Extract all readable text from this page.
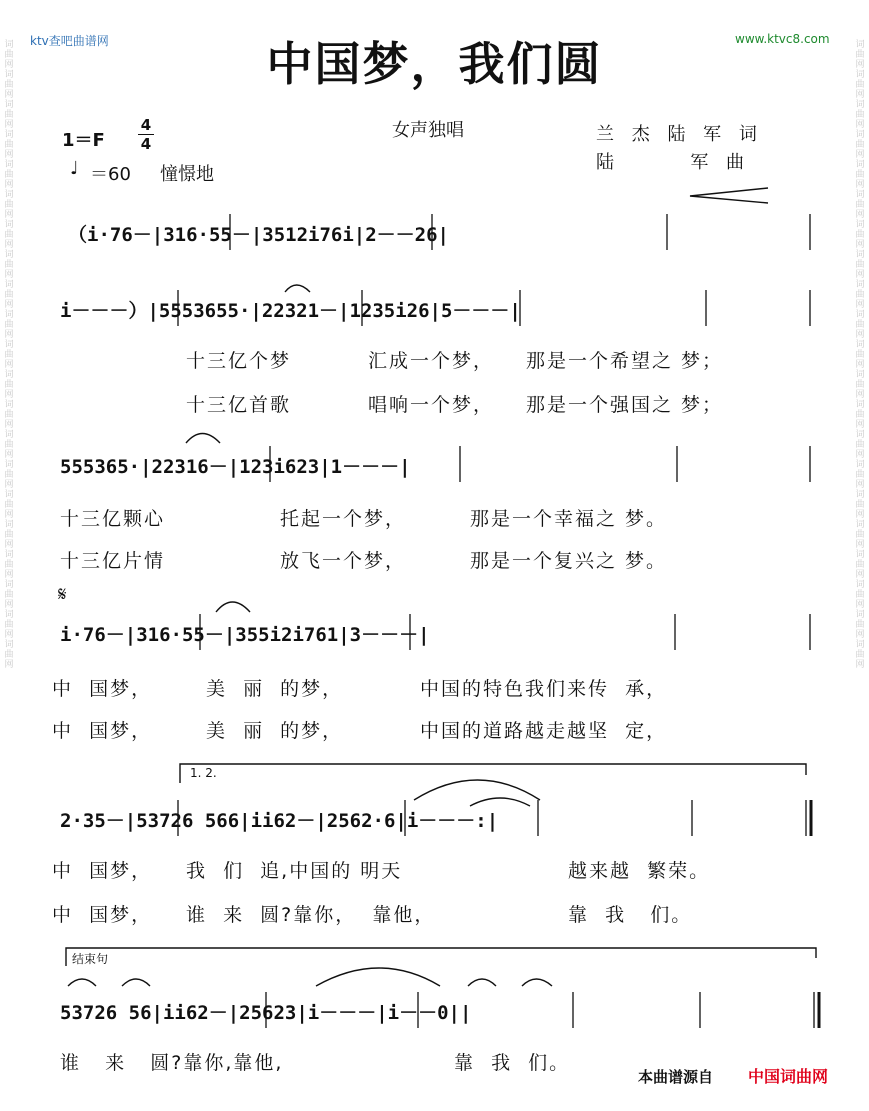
词曲网词曲网词曲网词曲网词曲网词曲网词曲网词曲网词曲网词曲网词曲网词曲网词曲网词曲网词曲网词曲网词曲网词曲网词曲网词曲网词曲网
词曲网词曲网词曲网词曲网词曲网词曲网词曲网词曲网词曲网词曲网词曲网词曲网词曲网词曲网词曲网词曲网词曲网词曲网词曲网词曲网词曲网
ktv查吧曲谱网	www.ktvc8.com
中国梦，我们圆
1＝F
4
4
♩ ＝60 憧憬地
女声独唱	兰 杰 陆 军 词
陆      军 曲
（i·76－|316·55－|3512i76i|2－－26|
i－－－）|5553655·|22321－|1235i26|5－－－|
555365·|22316－|123i623|1－－－|
𝄋
i·76－|316·55－|355i2i761|3－－－|
1. 2.
2·35－|53726 566|ii62－|2562·6|i－－－:|
结束句
53726 56|ii62－|25623|i－－－|i－－0||
十三亿个梦	汇成一个梦， 那是一个希望之 梦；
十三亿首歌	唱响一个梦， 那是一个强国之 梦；
十三亿颗心	托起一个梦，	那是一个幸福之 梦。
十三亿片情	放飞一个梦，	那是一个复兴之 梦。
中  国梦，	美  丽  的梦，	中国的特色我们来传  承，
中  国梦，	美  丽  的梦，	中国的道路越走越坚  定，
中  国梦， 我  们  追,中国的 明天	越来越  繁荣。
中  国梦， 谁  来  圆?靠你，  靠他，	靠  我   们。
谁   来   圆?靠你,靠他,	靠  我  们。
本曲谱源自 中国词曲网
